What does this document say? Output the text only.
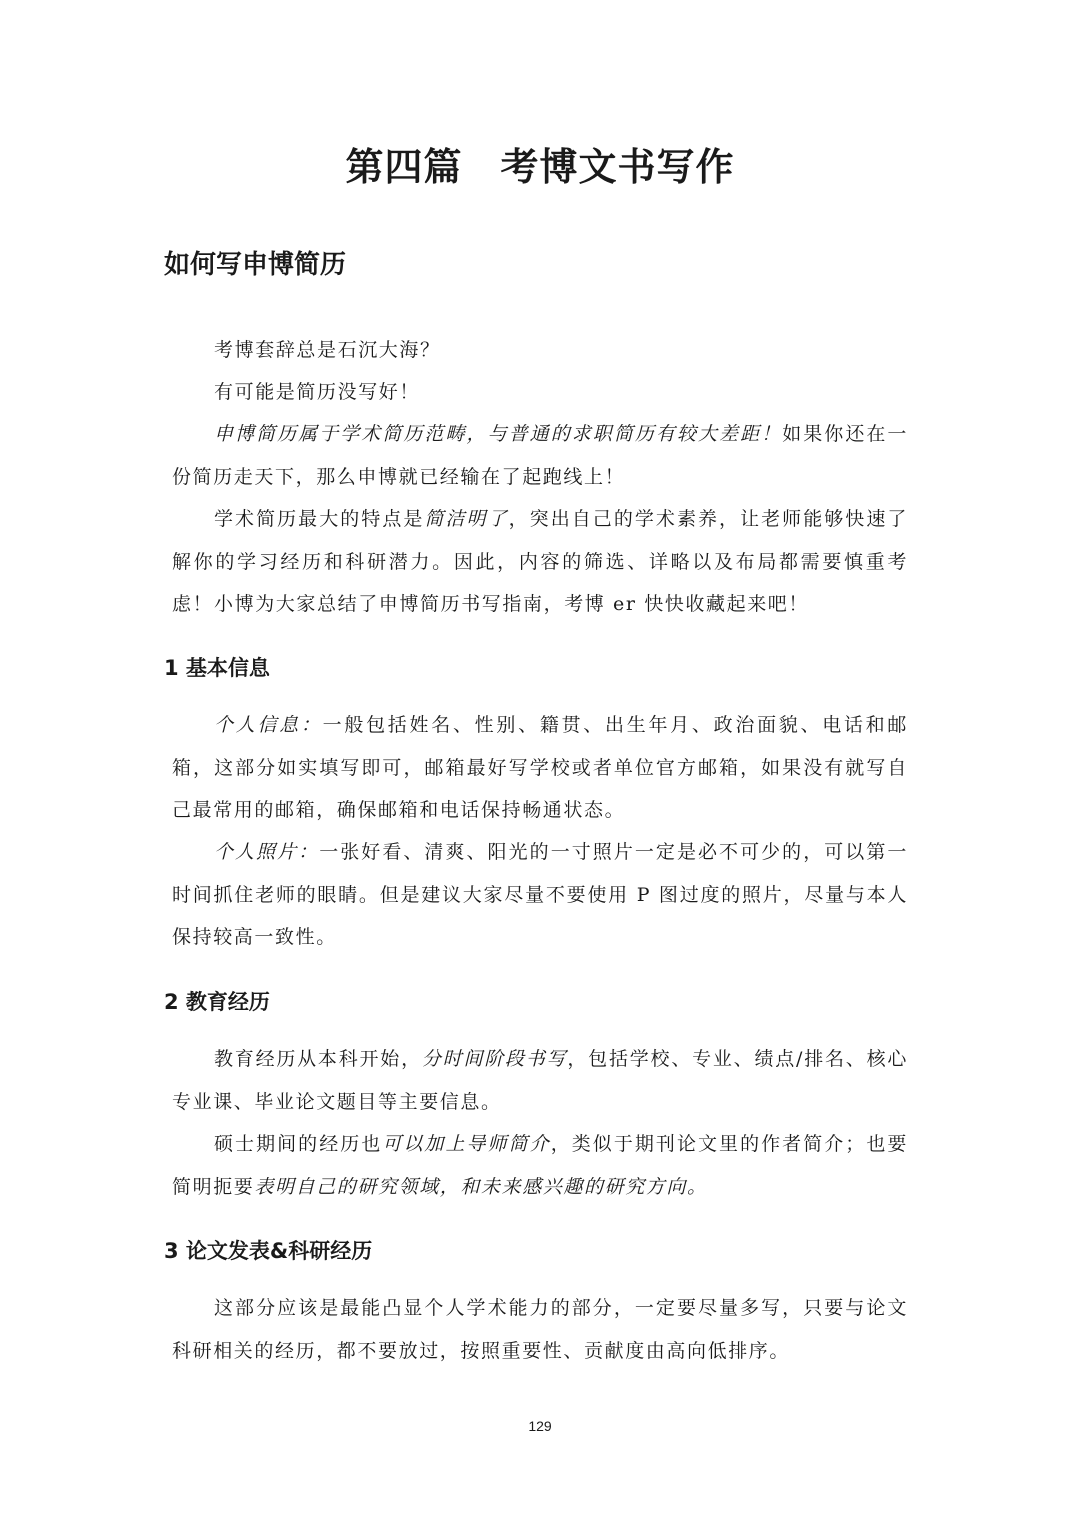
第四篇 考博文书写作
如何写申博简历

考博套辞总是石沉大海？

有可能是简历没写好！

申博简历属于学术简历范畴，与普通的求职简历有较大差距！如果你还在一份简历走天下，那么申博就已经输在了起跑线上！

学术简历最大的特点是简洁明了，突出自己的学术素养，让老师能够快速了解你的学习经历和科研潜力。因此，内容的筛选、详略以及布局都需要慎重考虑！ 小博为大家总结了申博简历书写指南，考博 er 快快收藏起来吧！

1 基本信息

个人信息：一般包括姓名、性别、籍贯、出生年月、政治面貌、电话和邮箱，这部分如实填写即可，邮箱最好写学校或者单位官方邮箱，如果没有就写自己最常用的邮箱，确保邮箱和电话保持畅通状态。

个人照片：一张好看、清爽、阳光的一寸照片一定是必不可少的，可以第一时间抓住老师的眼睛。但是建议大家尽量不要使用 P 图过度的照片，尽量与本人保持较高一致性。

2 教育经历

教育经历从本科开始，分时间阶段书写，包括学校、专业、绩点/排名、核心专业课、毕业论文题目等主要信息。

硕士期间的经历也可以加上导师简介，类似于期刊论文里的作者简介；也要简明扼要表明自己的研究领域，和未来感兴趣的研究方向。

3 论文发表&科研经历

这部分应该是最能凸显个人学术能力的部分，一定要尽量多写，只要与论文科研相关的经历，都不要放过，按照重要性、贡献度由高向低排序。

129
